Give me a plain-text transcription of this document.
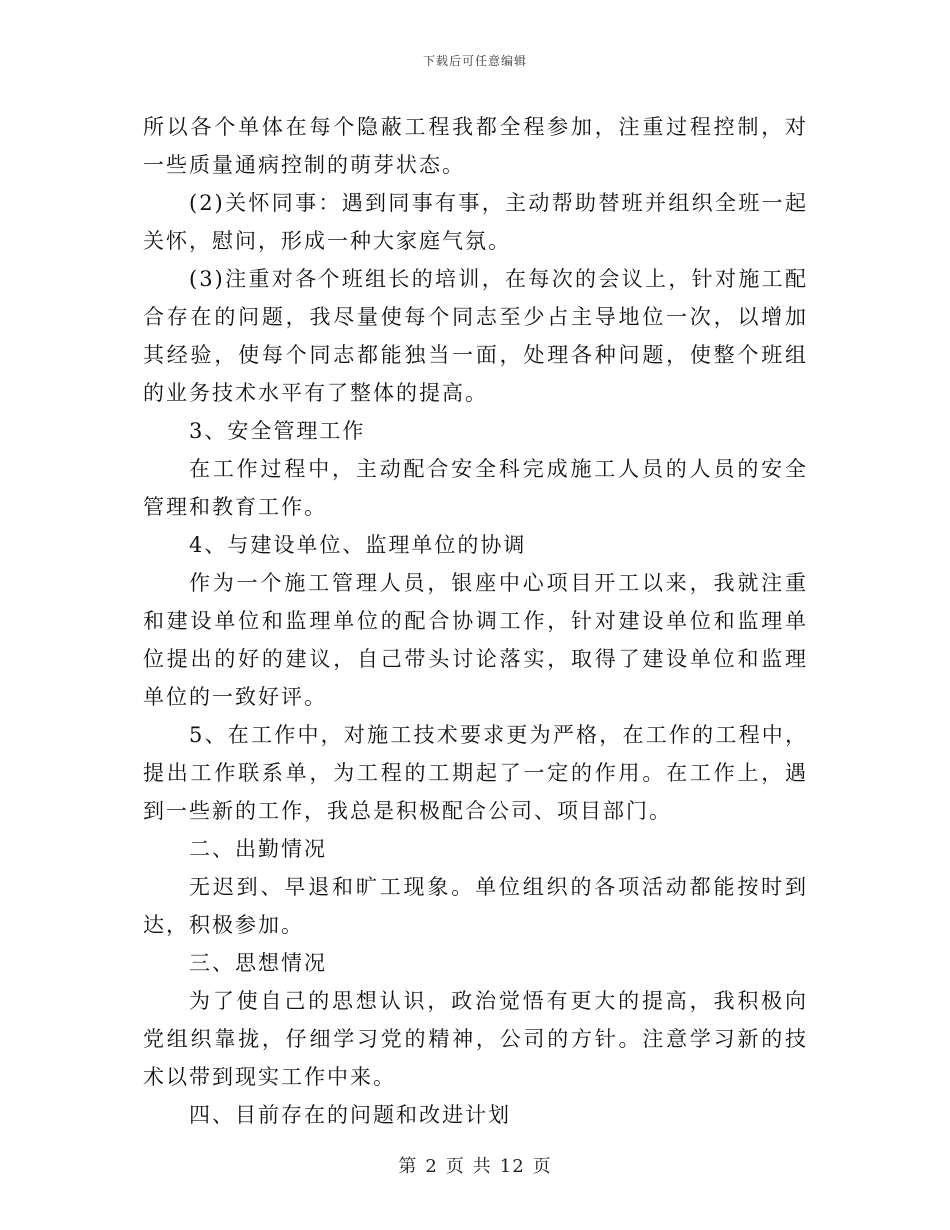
下载后可任意编辑

所以各个单体在每个隐蔽工程我都全程参加，注重过程控制，对一些质量通病控制的萌芽状态。

(2)关怀同事：遇到同事有事，主动帮助替班并组织全班一起关怀，慰问，形成一种大家庭气氛。

(3)注重对各个班组长的培训，在每次的会议上，针对施工配合存在的问题，我尽量使每个同志至少占主导地位一次，以增加其经验，使每个同志都能独当一面，处理各种问题，使整个班组的业务技术水平有了整体的提高。

3、安全管理工作

在工作过程中，主动配合安全科完成施工人员的人员的安全管理和教育工作。

4、与建设单位、监理单位的协调

作为一个施工管理人员，银座中心项目开工以来，我就注重和建设单位和监理单位的配合协调工作，针对建设单位和监理单位提出的好的建议，自己带头讨论落实，取得了建设单位和监理单位的一致好评。

5、在工作中，对施工技术要求更为严格，在工作的工程中，提出工作联系单，为工程的工期起了一定的作用。在工作上，遇到一些新的工作，我总是积极配合公司、项目部门。

二、出勤情况

无迟到、早退和旷工现象。单位组织的各项活动都能按时到达，积极参加。

三、思想情况

为了使自己的思想认识，政治觉悟有更大的提高，我积极向党组织靠拢，仔细学习党的精神，公司的方针。注意学习新的技术以带到现实工作中来。

四、目前存在的问题和改进计划

第 2 页 共 12 页
